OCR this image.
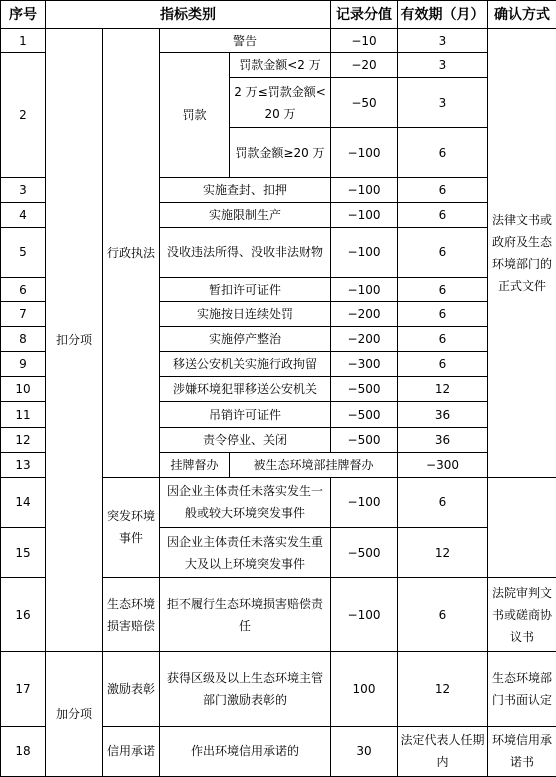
序号	指标类别				记录分值	有效期（月）	确认方式	
1	扣分项	行政执法	警告		−10	3	法律文书或政府及生态环境部门的正式文件	
2			罚款	罚款金额<2 万	−20	3		
				2 万≤罚款金额<20 万	−50	3		
				罚款金额≥20 万	−100	6		
3			实施查封、扣押		−100	6		
4			实施限制生产		−100	6		
5			没收违法所得、没收非法财物		−100	6		
6			暂扣许可证件		−100	6		
7			实施按日连续处罚		−200	6		
8			实施停产整治		−200	6		
9			移送公安机关实施行政拘留		−300	6		
10			涉嫌环境犯罪移送公安机关		−500	12		
11			吊销许可证件		−500	36		
12			责令停业、关闭		−500	36		
13			挂牌督办	被生态环境部挂牌督办		−300	
14		突发环境事件	因企业主体责任未落实发生一般或较大环境突发事件		−100	6		
15			因企业主体责任未落实发生重大及以上环境突发事件		−500	12		
16		生态环境损害赔偿	拒不履行生态环境损害赔偿责任		−100	6	法院审判文书或磋商协议书	
17	加分项	激励表彰	获得区级及以上生态环境主管部门激励表彰的		100	12	生态环境部门书面认定	
18		信用承诺	作出环境信用承诺的		30	法定代表人任期内	环境信用承诺书	
